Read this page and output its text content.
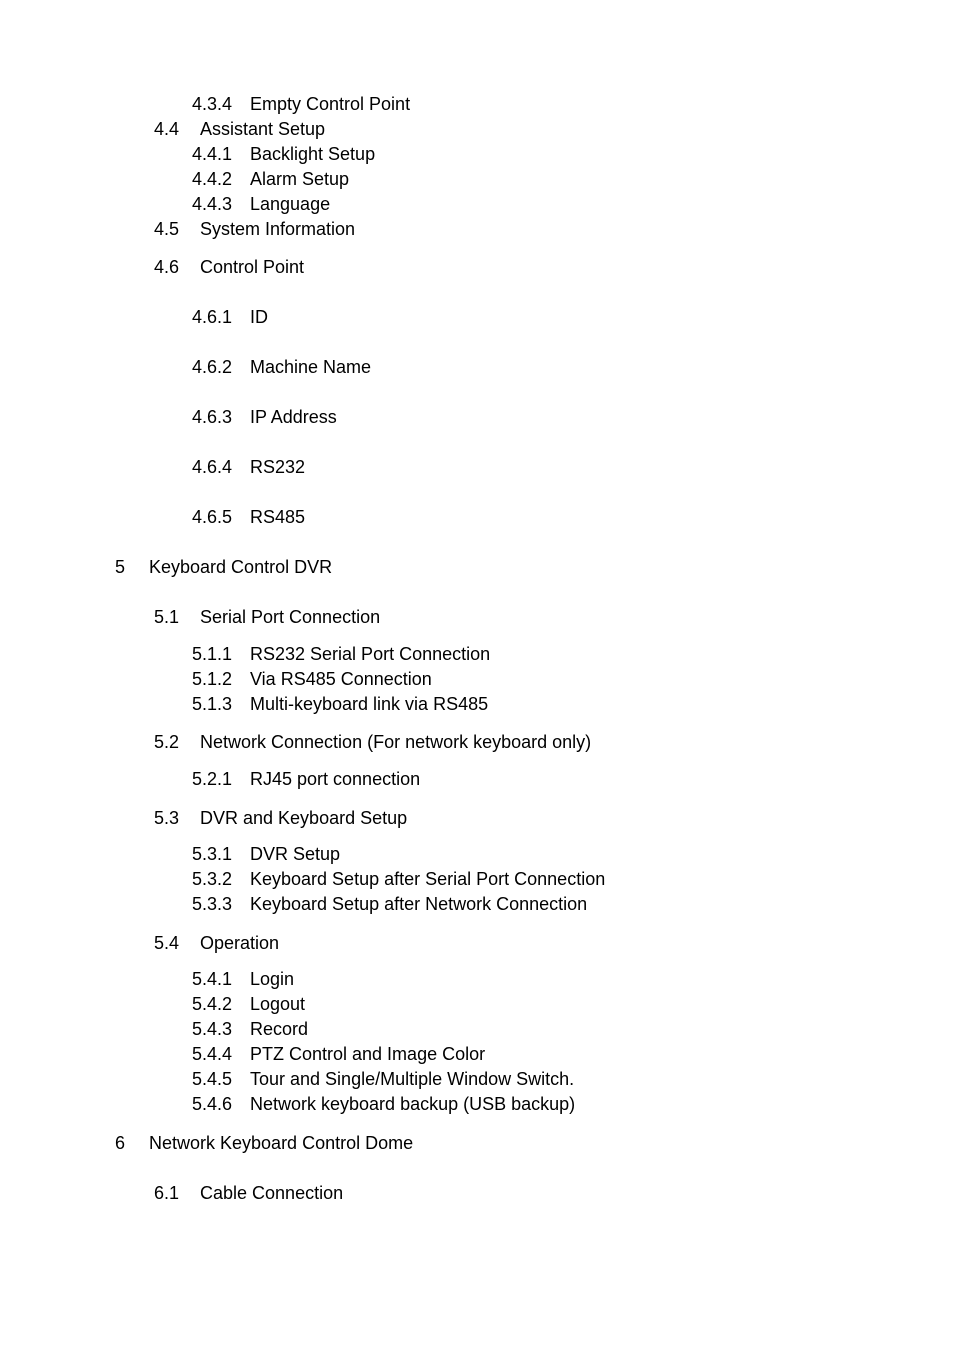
4.3.4 Empty Control Point
4.4 Assistant Setup
4.4.1 Backlight Setup
4.4.2 Alarm Setup
4.4.3 Language
4.5 System Information
4.6 Control Point
4.6.1 ID
4.6.2 Machine Name
4.6.3 IP Address
4.6.4 RS232
4.6.5 RS485
5 Keyboard Control DVR
5.1 Serial Port Connection
5.1.1 RS232 Serial Port Connection
5.1.2 Via RS485 Connection
5.1.3 Multi-keyboard link via RS485
5.2 Network Connection (For network keyboard only)
5.2.1 RJ45 port connection
5.3 DVR and Keyboard Setup
5.3.1 DVR Setup
5.3.2 Keyboard Setup after Serial Port Connection
5.3.3 Keyboard Setup after Network Connection
5.4 Operation
5.4.1 Login
5.4.2 Logout
5.4.3 Record
5.4.4 PTZ Control and Image Color
5.4.5 Tour and Single/Multiple Window Switch.
5.4.6 Network keyboard backup (USB backup)
6 Network Keyboard Control Dome
6.1 Cable Connection
